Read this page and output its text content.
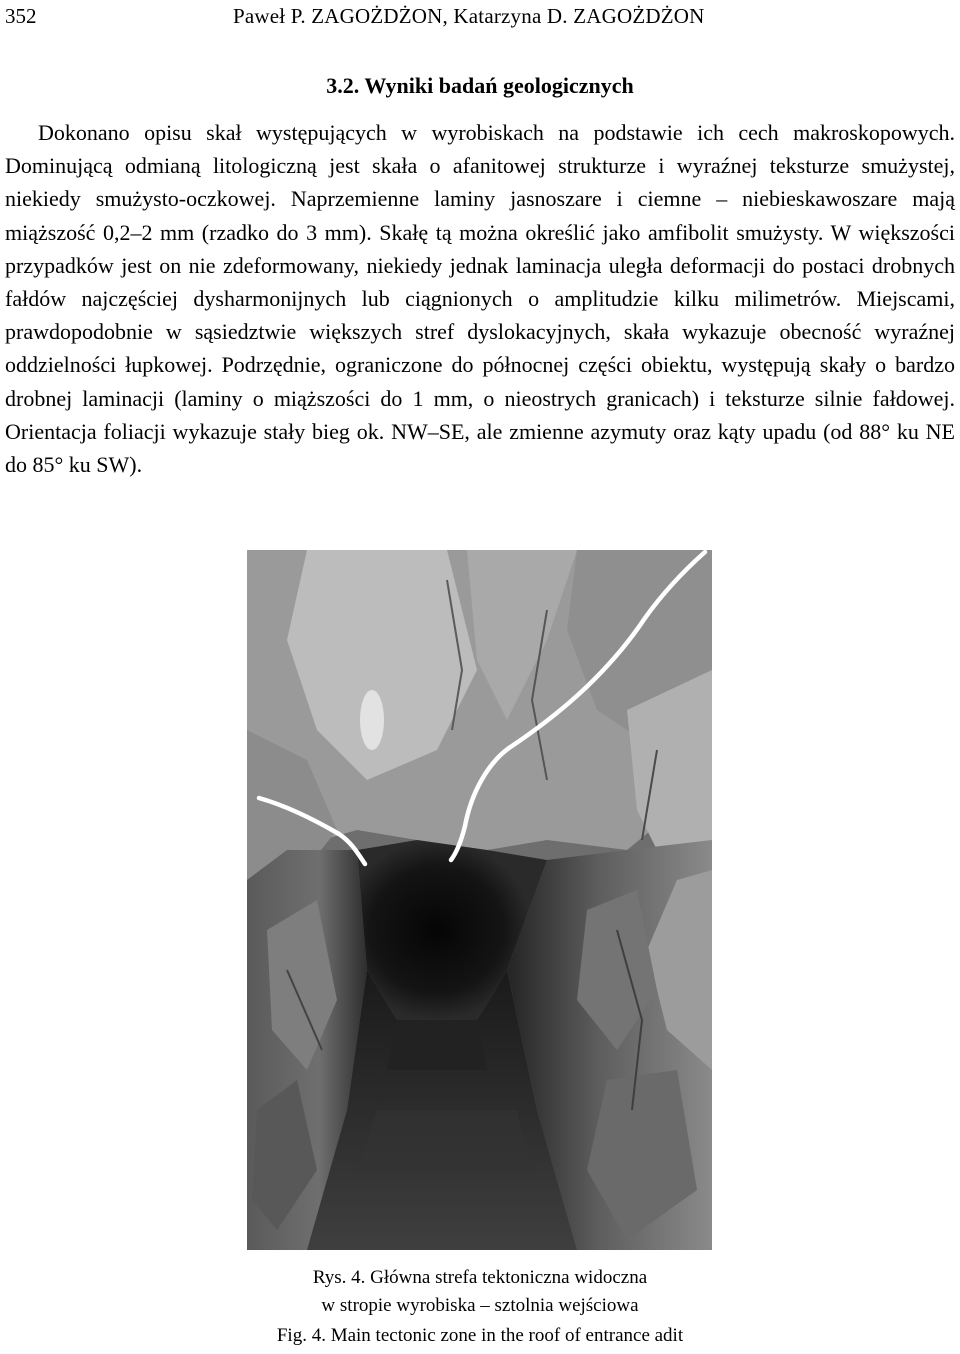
352	Paweł P. ZAGOŻDŻON, Katarzyna D. ZAGOŻDŻON
3.2. Wyniki badań geologicznych

Dokonano opisu skał występujących w wyrobiskach na podstawie ich cech makroskopowych. Dominującą odmianą litologiczną jest skała o afanitowej strukturze i wyraźnej teksturze smużystej, niekiedy smużysto-oczkowej. Naprzemienne laminy jasnoszare i ciemne – niebieskawoszare mają miąższość 0,2–2 mm (rzadko do 3 mm). Skałę tą można określić jako amfibolit smużysty. W większości przypadków jest on nie zdeformowany, niekiedy jednak laminacja uległa deformacji do postaci drobnych fałdów najczęściej dysharmonijnych lub ciągnionych o amplitudzie kilku milimetrów. Miejscami, prawdopodobnie w sąsiedztwie większych stref dyslokacyjnych, skała wykazuje obecność wyraźnej oddzielności łupkowej. Podrzędnie, ograniczone do północnej części obiektu, występują skały o bardzo drobnej laminacji (laminy o miąższości do 1 mm, o nieostrych granicach) i teksturze silnie fałdowej. Orientacja foliacji wykazuje stały bieg ok. NW–SE, ale zmienne azymuty oraz kąty upadu (od 88° ku NE do 85° ku SW).

Rys. 4. Główna strefa tektoniczna widoczna
w stropie wyrobiska – sztolnia wejściowa
Fig. 4. Main tectonic zone in the roof of entrance adit
